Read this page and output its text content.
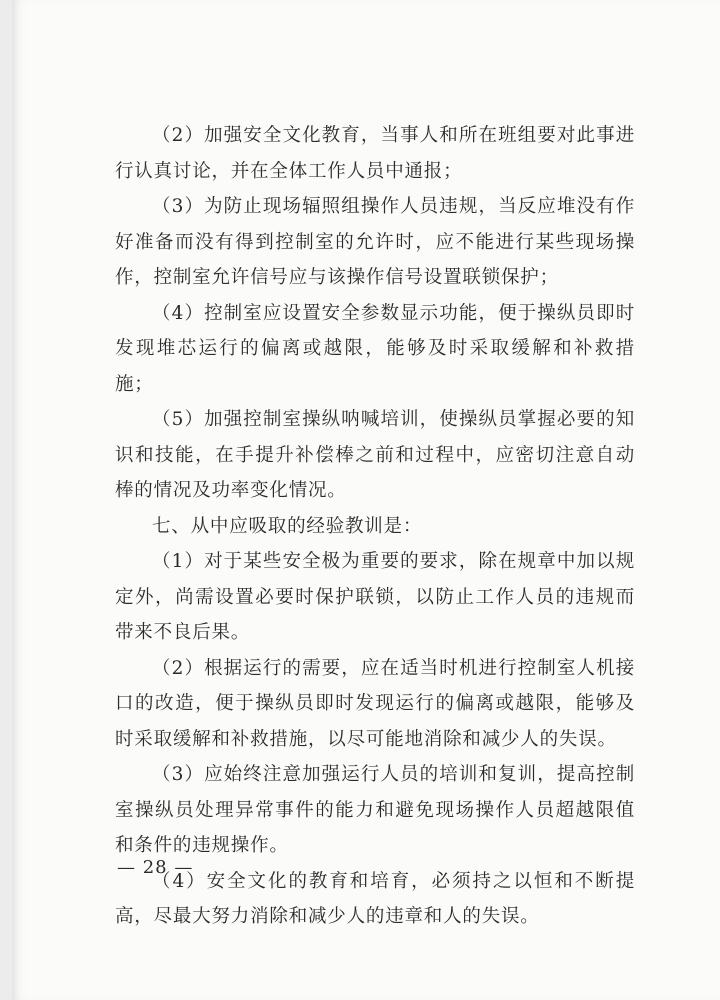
（2）加强安全文化教育，当事人和所在班组要对此事进行认真讨论，并在全体工作人员中通报；

（3）为防止现场辐照组操作人员违规，当反应堆没有作好准备而没有得到控制室的允许时，应不能进行某些现场操作，控制室允许信号应与该操作信号设置联锁保护；

（4）控制室应设置安全参数显示功能，便于操纵员即时发现堆芯运行的偏离或越限，能够及时采取缓解和补救措施；

（5）加强控制室操纵呐喊培训，使操纵员掌握必要的知识和技能，在手提升补偿棒之前和过程中，应密切注意自动棒的情况及功率变化情况。

七、从中应吸取的经验教训是：

（1）对于某些安全极为重要的要求，除在规章中加以规定外，尚需设置必要时保护联锁，以防止工作人员的违规而带来不良后果。

（2）根据运行的需要，应在适当时机进行控制室人机接口的改造，便于操纵员即时发现运行的偏离或越限，能够及时采取缓解和补救措施，以尽可能地消除和减少人的失误。

（3）应始终注意加强运行人员的培训和复训，提高控制室操纵员处理异常事件的能力和避免现场操作人员超越限值和条件的违规操作。

（4）安全文化的教育和培育，必须持之以恒和不断提高，尽最大努力消除和减少人的违章和人的失误。

— 28 —
